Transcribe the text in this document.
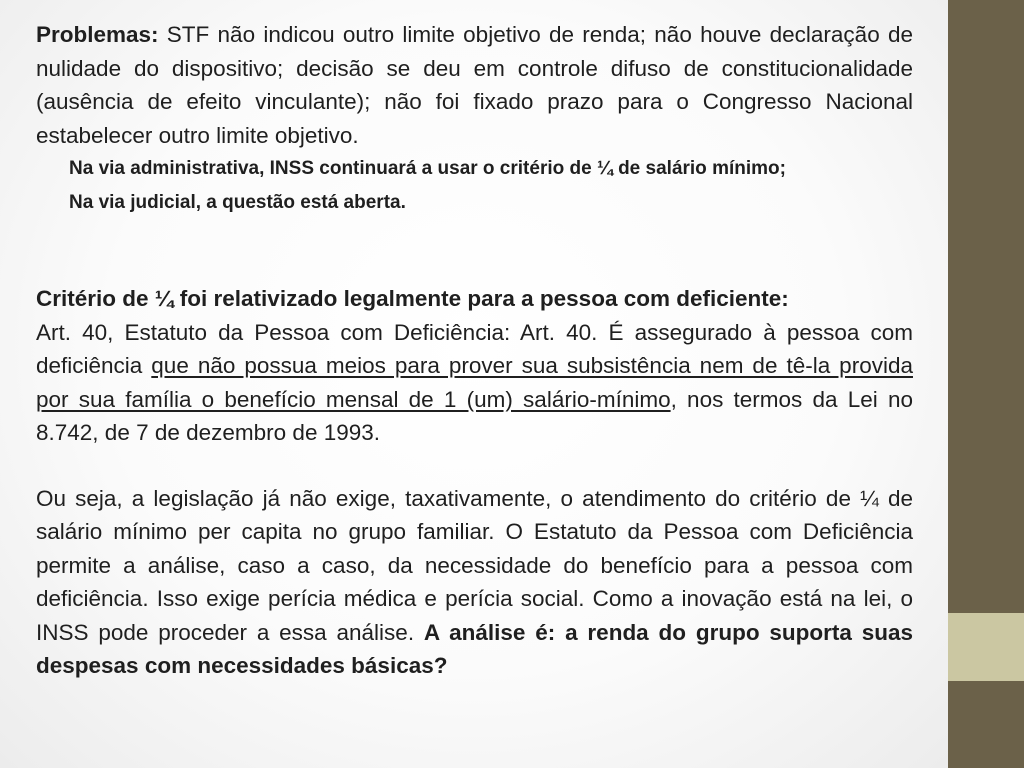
Problemas: STF não indicou outro limite objetivo de renda; não houve declaração de nulidade do dispositivo; decisão se deu em controle difuso de constitucionalidade (ausência de efeito vinculante); não foi fixado prazo para o Congresso Nacional estabelecer outro limite objetivo.

Na via administrativa, INSS continuará a usar o critério de ¼ de salário mínimo;

Na via judicial, a questão está aberta.

Critério de ¼ foi relativizado legalmente para a pessoa com deficiente:

Art. 40, Estatuto da Pessoa com Deficiência: Art. 40. É assegurado à pessoa com deficiência que não possua meios para prover sua subsistência nem de tê-la provida por sua família o benefício mensal de 1 (um) salário-mínimo, nos termos da Lei no 8.742, de 7 de dezembro de 1993.

Ou seja, a legislação já não exige, taxativamente, o atendimento do critério de ¼ de salário mínimo per capita no grupo familiar. O Estatuto da Pessoa com Deficiência permite a análise, caso a caso, da necessidade do benefício para a pessoa com deficiência. Isso exige perícia médica e perícia social. Como a inovação está na lei, o INSS pode proceder a essa análise. A análise é: a renda do grupo suporta suas despesas com necessidades básicas?
